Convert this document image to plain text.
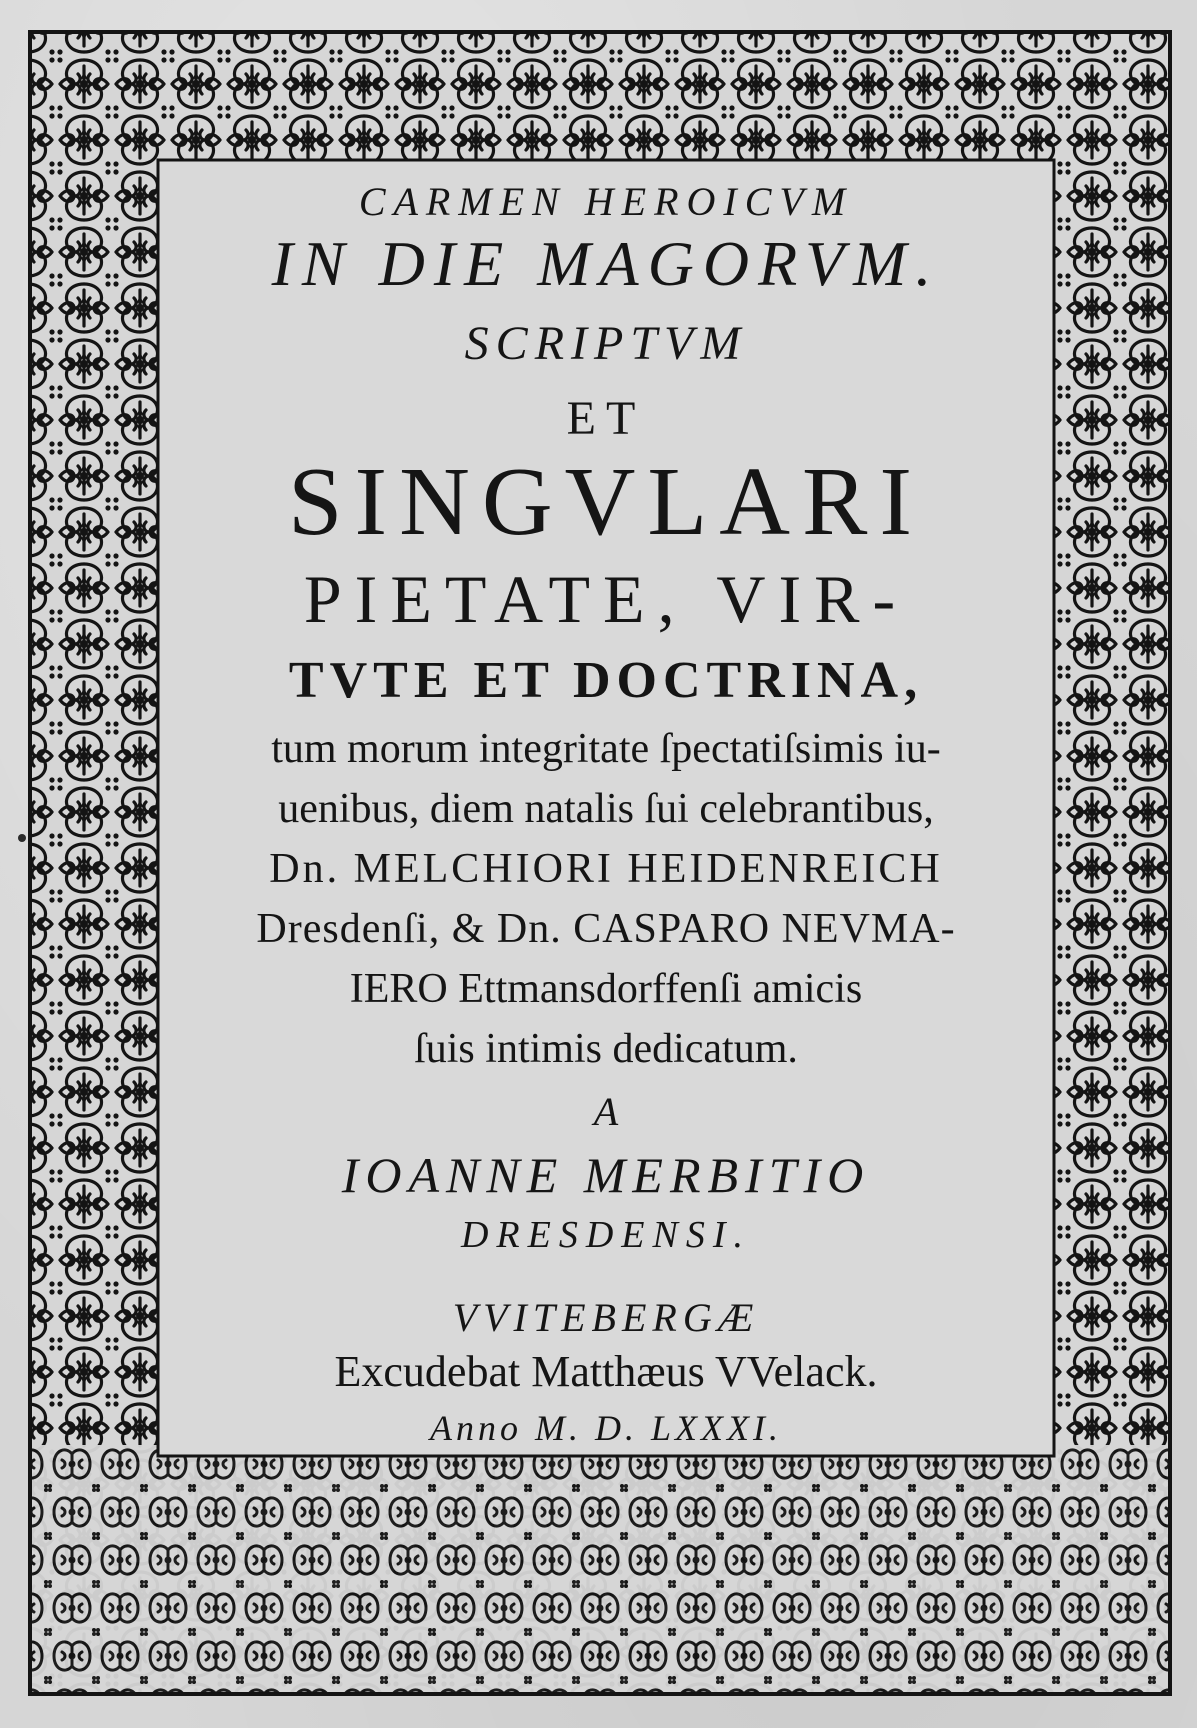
CARMEN HEROICVM
IN DIE MAGORVM.
SCRIPTVM
ET
SINGVLARI
PIETATE, VIR-
TVTE ET DOCTRINA,
tum morum integritate ſpectatiſsimis iu-
uenibus, diem natalis ſui celebrantibus,
Dn. MELCHIORI HEIDENREICH
Dresdenſi, & Dn. CASPARO NEVMA-
IERO Ettmansdorffenſi amicis
ſuis intimis dedicatum.
A
IOANNE MERBITIO
DRESDENSI.
VVITEBERGÆ
Excudebat Matthæus VVelack.
Anno M. D. LXXXI.
